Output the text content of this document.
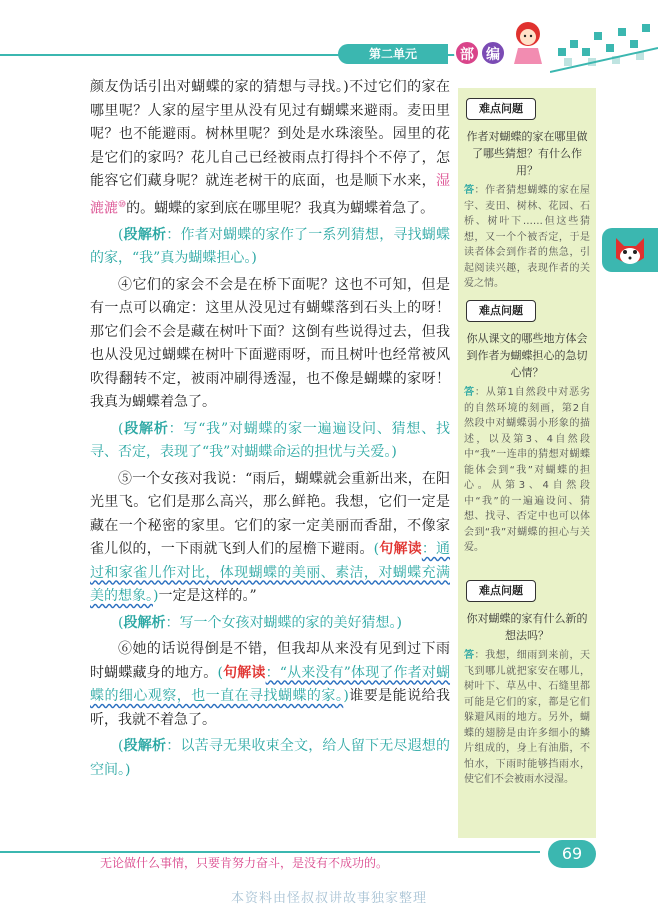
第二单元	部 编

颜友伪话引出对蝴蝶的家的猜想与寻找。)不过它们的家在哪里呢？人家的屋宇里从没有见过有蝴蝶来避雨。麦田里呢？也不能避雨。树林里呢？到处是水珠滚坠。园里的花是它们的家吗？花儿自己已经被雨点打得抖个不停了，怎能容它们藏身呢？就连老树干的底面，也是顺下水来，湿漉漉⑩的。蝴蝶的家到底在哪里呢？我真为蝴蝶着急了。

(段解析：作者对蝴蝶的家作了一系列猜想，寻找蝴蝶的家，“我”真为蝴蝶担心。)

④它们的家会不会是在桥下面呢？这也不可知，但是有一点可以确定：这里从没见过有蝴蝶落到石头上的呀！那它们会不会是藏在树叶下面？这倒有些说得过去，但我也从没见过蝴蝶在树叶下面避雨呀，而且树叶也经常被风吹得翻转不定，被雨冲刷得透湿，也不像是蝴蝶的家呀！我真为蝴蝶着急了。

(段解析：写“我”对蝴蝶的家一遍遍设问、猜想、找寻、否定，表现了“我”对蝴蝶命运的担忧与关爱。)

⑤一个女孩对我说：“雨后，蝴蝶就会重新出来，在阳光里飞。它们是那么高兴，那么鲜艳。我想，它们一定是藏在一个秘密的家里。它们的家一定美丽而香甜，不像家雀儿似的，一下雨就飞到人们的屋檐下避雨。(句解读：通过和家雀儿作对比，体现蝴蝶的美丽、素洁，对蝴蝶充满美的想象。)一定是这样的。”

(段解析：写一个女孩对蝴蝶的家的美好猜想。)

⑥她的话说得倒是不错，但我却从来没有见到过下雨时蝴蝶藏身的地方。(句解读：“从来没有”体现了作者对蝴蝶的细心观察，也一直在寻找蝴蝶的家。)谁要是能说给我听，我就不着急了。

(段解析：以苦寻无果收束全文，给人留下无尽遐想的空间。)

难点问题
作者对蝴蝶的家在哪里做了哪些猜想？有什么作用？
答：作者猜想蝴蝶的家在屋宇、麦田、树林、花园、石桥、树叶下……但这些猜想，又一个个被否定，于是读者体会到作者的焦急，引起阅读兴趣，表现作者的关爱之情。
难点问题
你从课文的哪些地方体会到作者为蝴蝶担心的急切心情？
答：从第1自然段中对恶劣的自然环境的刻画，第2自然段中对蝴蝶弱小形象的描述，以及第3、4自然段中“我”一连串的猜想对蝴蝶能体会到“我”对蝴蝶的担心。从第3、4自然段中“我”的一遍遍设问、猜想、找寻、否定中也可以体会到“我”对蝴蝶的担心与关爱。
难点问题
你对蝴蝶的家有什么新的想法吗？
答：我想，细雨到来前，天飞到哪儿就把家安在哪儿，树叶下、草丛中、石缝里都可能是它们的家，都是它们躲避风雨的地方。另外，蝴蝶的翅膀是由许多细小的鳞片组成的，身上有油脂，不怕水，下雨时能够挡雨水，使它们不会被雨水浸湿。
无论做什么事情，只要肯努力奋斗，是没有不成功的。	69
本资料由怪叔叔讲故事独家整理
